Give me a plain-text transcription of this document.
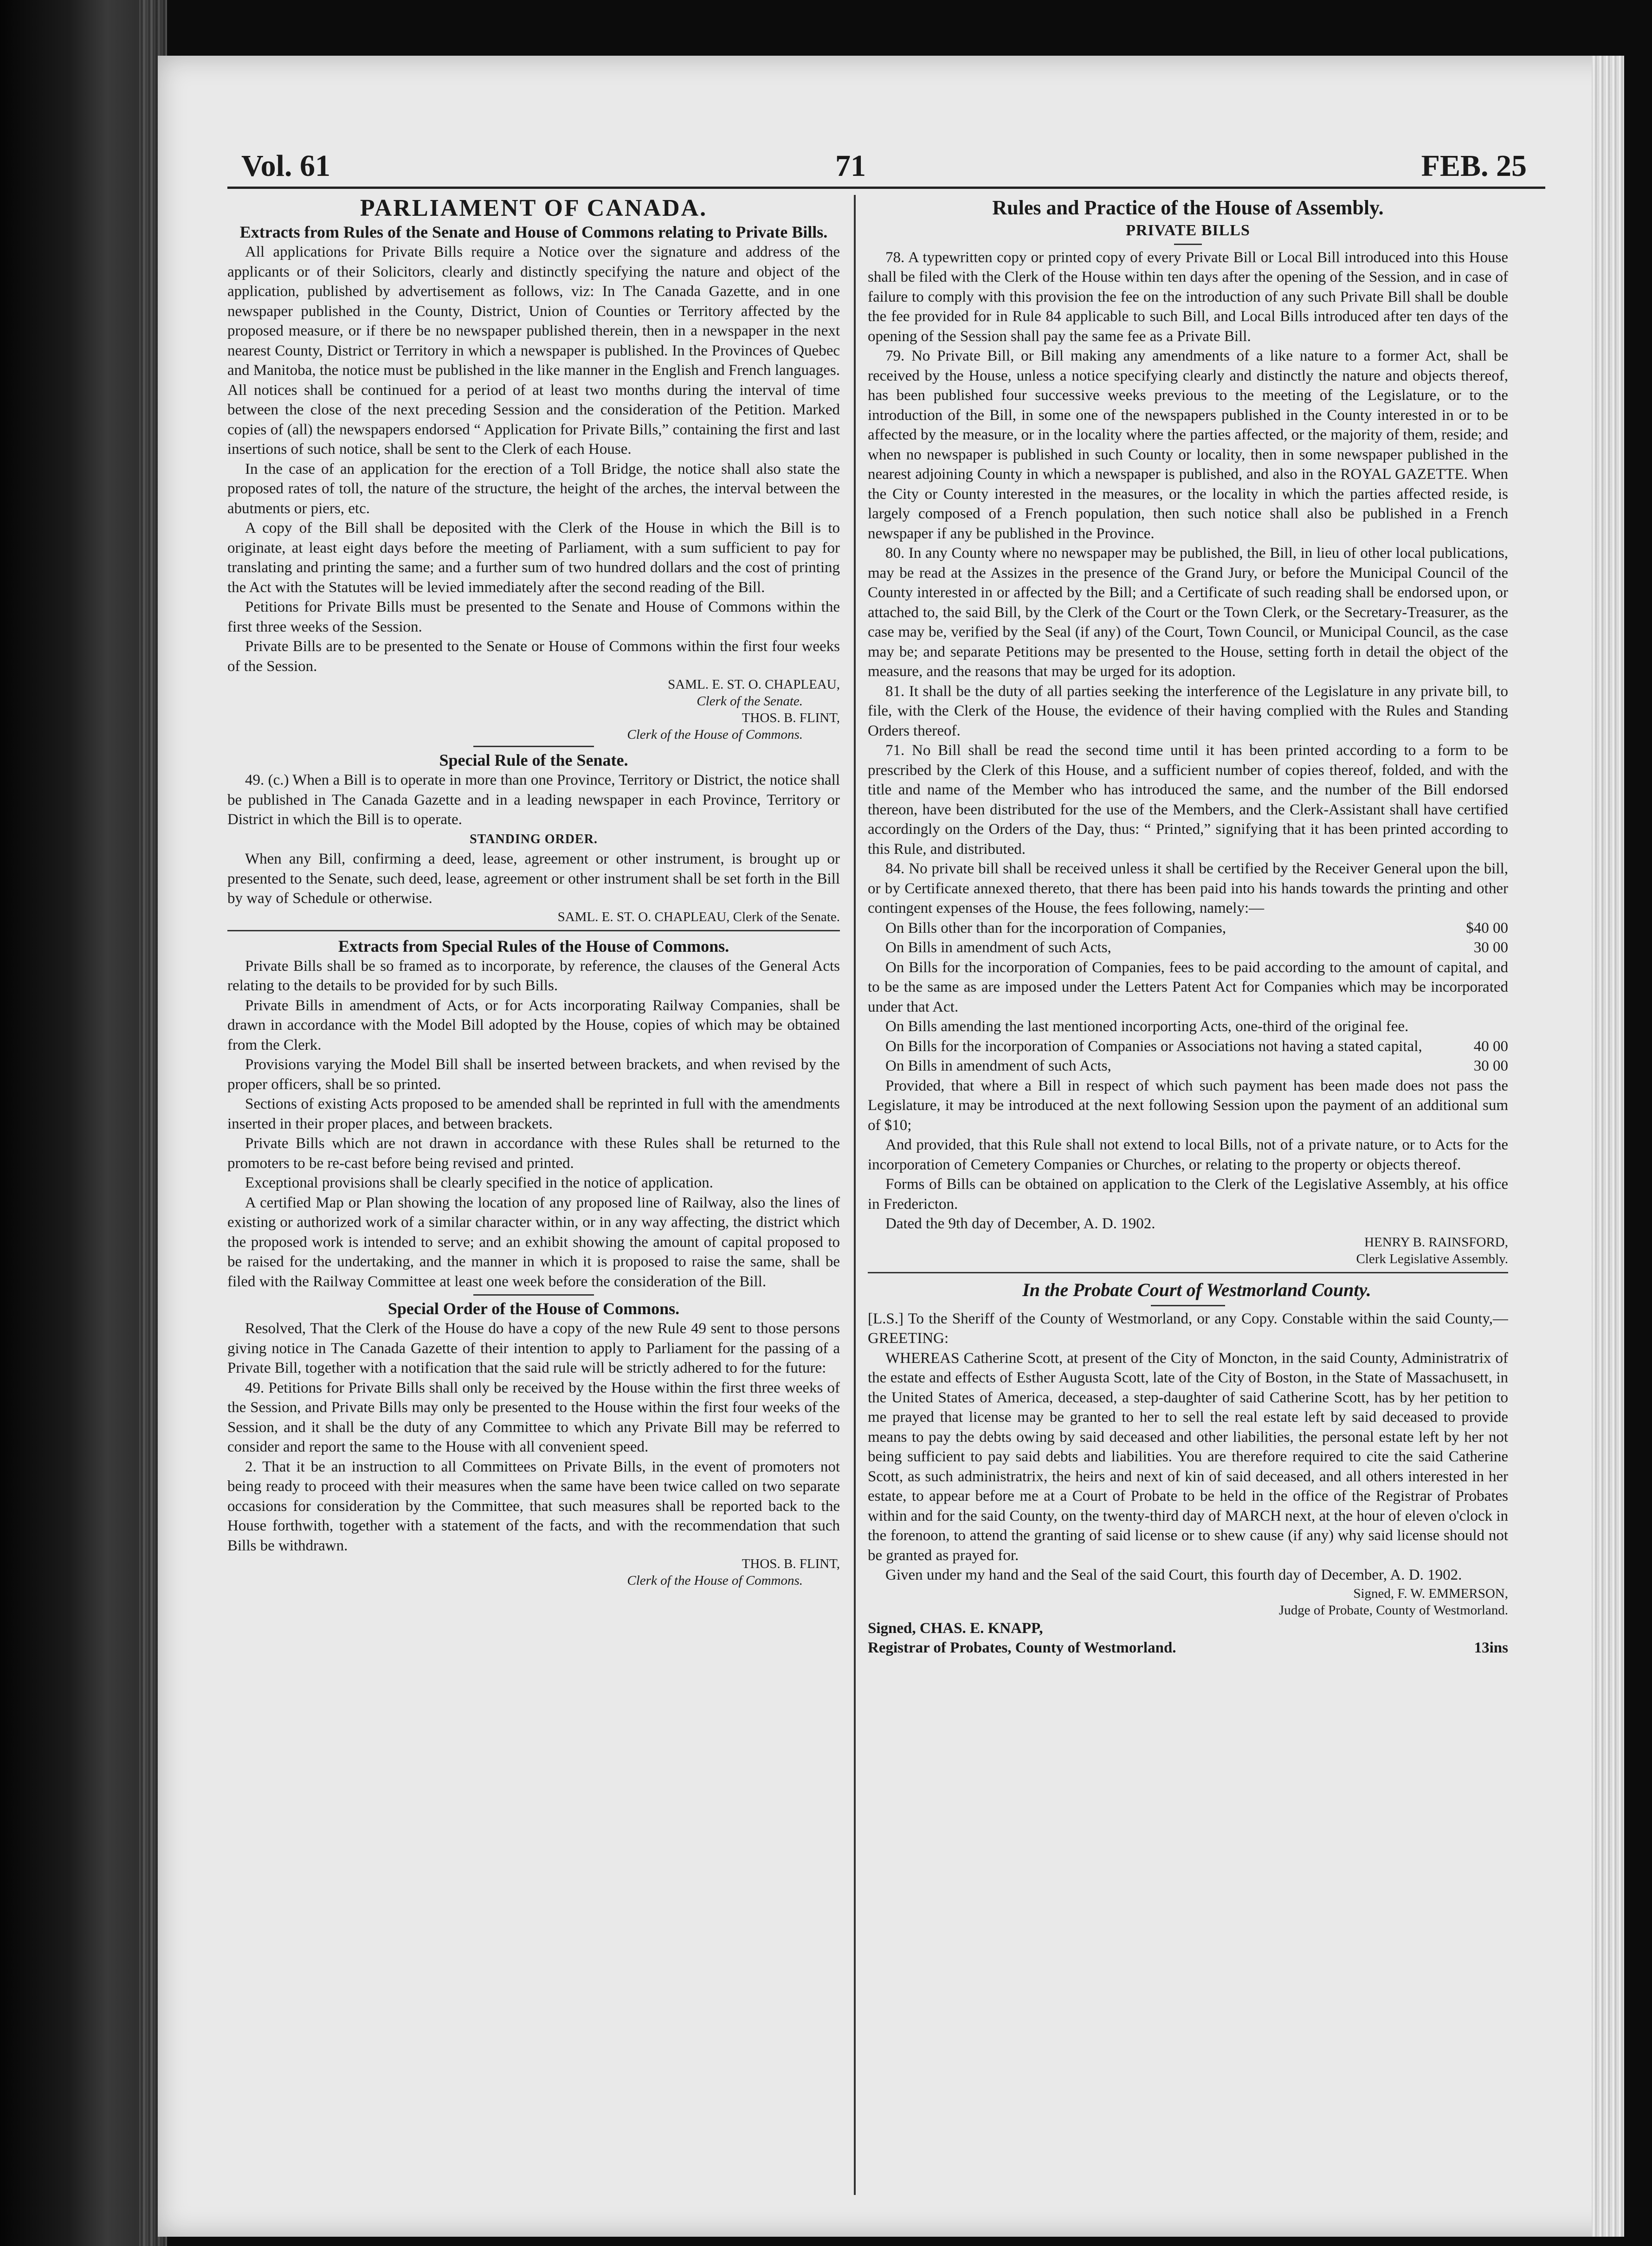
Vol. 61	71	FEB. 25

PARLIAMENT OF CANADA.

Extracts from Rules of the Senate and House of Commons relating to Private Bills.

All applications for Private Bills require a Notice over the signature and address of the applicants or of their Solicitors, clearly and distinctly specifying the nature and object of the application, published by advertisement as follows, viz: In The Canada Gazette, and in one newspaper published in the County, District, Union of Counties or Territory affected by the proposed measure, or if there be no newspaper published therein, then in a newspaper in the next nearest County, District or Territory in which a newspaper is published. In the Provinces of Quebec and Manitoba, the notice must be published in the like manner in the English and French languages. All notices shall be continued for a period of at least two months during the interval of time between the close of the next preceding Session and the consideration of the Petition. Marked copies of (all) the newspapers endorsed “ Application for Private Bills,” containing the first and last insertions of such notice, shall be sent to the Clerk of each House.

In the case of an application for the erection of a Toll Bridge, the notice shall also state the proposed rates of toll, the nature of the structure, the height of the arches, the interval between the abutments or piers, etc.

A copy of the Bill shall be deposited with the Clerk of the House in which the Bill is to originate, at least eight days before the meeting of Parliament, with a sum sufficient to pay for translating and printing the same; and a further sum of two hundred dollars and the cost of printing the Act with the Statutes will be levied immediately after the second reading of the Bill.

Petitions for Private Bills must be presented to the Senate and House of Commons within the first three weeks of the Session.

Private Bills are to be presented to the Senate or House of Commons within the first four weeks of the Session.

SAML. E. ST. O. CHAPLEAU,

Clerk of the Senate.

THOS. B. FLINT,

Clerk of the House of Commons.

Special Rule of the Senate.

49. (c.) When a Bill is to operate in more than one Province, Territory or District, the notice shall be published in The Canada Gazette and in a leading newspaper in each Province, Territory or District in which the Bill is to operate.

STANDING ORDER.

When any Bill, confirming a deed, lease, agreement or other instrument, is brought up or presented to the Senate, such deed, lease, agreement or other instrument shall be set forth in the Bill by way of Schedule or otherwise.

SAML. E. ST. O. CHAPLEAU, Clerk of the Senate.

Extracts from Special Rules of the House of Commons.

Private Bills shall be so framed as to incorporate, by reference, the clauses of the General Acts relating to the details to be provided for by such Bills.

Private Bills in amendment of Acts, or for Acts incorporating Railway Companies, shall be drawn in accordance with the Model Bill adopted by the House, copies of which may be obtained from the Clerk.

Provisions varying the Model Bill shall be inserted between brackets, and when revised by the proper officers, shall be so printed.

Sections of existing Acts proposed to be amended shall be reprinted in full with the amendments inserted in their proper places, and between brackets.

Private Bills which are not drawn in accordance with these Rules shall be returned to the promoters to be re-cast before being revised and printed.

Exceptional provisions shall be clearly specified in the notice of application.

A certified Map or Plan showing the location of any proposed line of Railway, also the lines of existing or authorized work of a similar character within, or in any way affecting, the district which the proposed work is intended to serve; and an exhibit showing the amount of capital proposed to be raised for the undertaking, and the manner in which it is proposed to raise the same, shall be filed with the Railway Committee at least one week before the consideration of the Bill.

Special Order of the House of Commons.

Resolved, That the Clerk of the House do have a copy of the new Rule 49 sent to those persons giving notice in The Canada Gazette of their intention to apply to Parliament for the passing of a Private Bill, together with a notification that the said rule will be strictly adhered to for the future:

49. Petitions for Private Bills shall only be received by the House within the first three weeks of the Session, and Private Bills may only be presented to the House within the first four weeks of the Session, and it shall be the duty of any Committee to which any Private Bill may be referred to consider and report the same to the House with all convenient speed.

2. That it be an instruction to all Committees on Private Bills, in the event of promoters not being ready to proceed with their measures when the same have been twice called on two separate occasions for consideration by the Committee, that such measures shall be reported back to the House forthwith, together with a statement of the facts, and with the recommendation that such Bills be withdrawn.

THOS. B. FLINT,

Clerk of the House of Commons.

Rules and Practice of the House of Assembly.

PRIVATE BILLS

78. A typewritten copy or printed copy of every Private Bill or Local Bill introduced into this House shall be filed with the Clerk of the House within ten days after the opening of the Session, and in case of failure to comply with this provision the fee on the introduction of any such Private Bill shall be double the fee provided for in Rule 84 applicable to such Bill, and Local Bills introduced after ten days of the opening of the Session shall pay the same fee as a Private Bill.

79. No Private Bill, or Bill making any amendments of a like nature to a former Act, shall be received by the House, unless a notice specifying clearly and distinctly the nature and objects thereof, has been published four successive weeks previous to the meeting of the Legislature, or to the introduction of the Bill, in some one of the newspapers published in the County interested in or to be affected by the measure, or in the locality where the parties affected, or the majority of them, reside; and when no newspaper is published in such County or locality, then in some newspaper published in the nearest adjoining County in which a newspaper is published, and also in the ROYAL GAZETTE. When the City or County interested in the measures, or the locality in which the parties affected reside, is largely composed of a French population, then such notice shall also be published in a French newspaper if any be published in the Province.

80. In any County where no newspaper may be published, the Bill, in lieu of other local publications, may be read at the Assizes in the presence of the Grand Jury, or before the Municipal Council of the County interested in or affected by the Bill; and a Certificate of such reading shall be endorsed upon, or attached to, the said Bill, by the Clerk of the Court or the Town Clerk, or the Secretary-Treasurer, as the case may be, verified by the Seal (if any) of the Court, Town Council, or Municipal Council, as the case may be; and separate Petitions may be presented to the House, setting forth in detail the object of the measure, and the reasons that may be urged for its adoption.

81. It shall be the duty of all parties seeking the interference of the Legislature in any private bill, to file, with the Clerk of the House, the evidence of their having complied with the Rules and Standing Orders thereof.

71. No Bill shall be read the second time until it has been printed according to a form to be prescribed by the Clerk of this House, and a sufficient number of copies thereof, folded, and with the title and name of the Member who has introduced the same, and the number of the Bill endorsed thereon, have been distributed for the use of the Members, and the Clerk-Assistant shall have certified accordingly on the Orders of the Day, thus: “ Printed,” signifying that it has been printed according to this Rule, and distributed.

84. No private bill shall be received unless it shall be certified by the Receiver General upon the bill, or by Certificate annexed thereto, that there has been paid into his hands towards the printing and other contingent expenses of the House, the fees following, namely:—

On Bills other than for the incorporation of Companies,	$40 00
On Bills in amendment of such Acts,	30 00

On Bills for the incorporation of Companies, fees to be paid according to the amount of capital, and to be the same as are imposed under the Letters Patent Act for Companies which may be incorporated under that Act.

On Bills amending the last mentioned incorporting Acts, one-third of the original fee.

On Bills for the incorporation of Companies or Associations not having a stated capital,	40 00
On Bills in amendment of such Acts,	30 00

Provided, that where a Bill in respect of which such payment has been made does not pass the Legislature, it may be introduced at the next following Session upon the payment of an additional sum of $10;

And provided, that this Rule shall not extend to local Bills, not of a private nature, or to Acts for the incorporation of Cemetery Companies or Churches, or relating to the property or objects thereof.

Forms of Bills can be obtained on application to the Clerk of the Legislative Assembly, at his office in Fredericton.

Dated the 9th day of December, A. D. 1902.

HENRY B. RAINSFORD,

Clerk Legislative Assembly.

In the Probate Court of Westmorland County.

[L.S.] To the Sheriff of the County of Westmorland, or any Copy. Constable within the said County,—GREETING:

WHEREAS Catherine Scott, at present of the City of Moncton, in the said County, Administratrix of the estate and effects of Esther Augusta Scott, late of the City of Boston, in the State of Massachusett, in the United States of America, deceased, a step-daughter of said Catherine Scott, has by her petition to me prayed that license may be granted to her to sell the real estate left by said deceased to provide means to pay the debts owing by said deceased and other liabilities, the personal estate left by her not being sufficient to pay said debts and liabilities. You are therefore required to cite the said Catherine Scott, as such administratrix, the heirs and next of kin of said deceased, and all others interested in her estate, to appear before me at a Court of Probate to be held in the office of the Registrar of Probates within and for the said County, on the twenty-third day of MARCH next, at the hour of eleven o'clock in the forenoon, to attend the granting of said license or to shew cause (if any) why said license should not be granted as prayed for.

Given under my hand and the Seal of the said Court, this fourth day of December, A. D. 1902.

Signed, F. W. EMMERSON,

Judge of Probate, County of Westmorland.

Signed, CHAS. E. KNAPP,

Registrar of Probates, County of Westmorland.	13ins
